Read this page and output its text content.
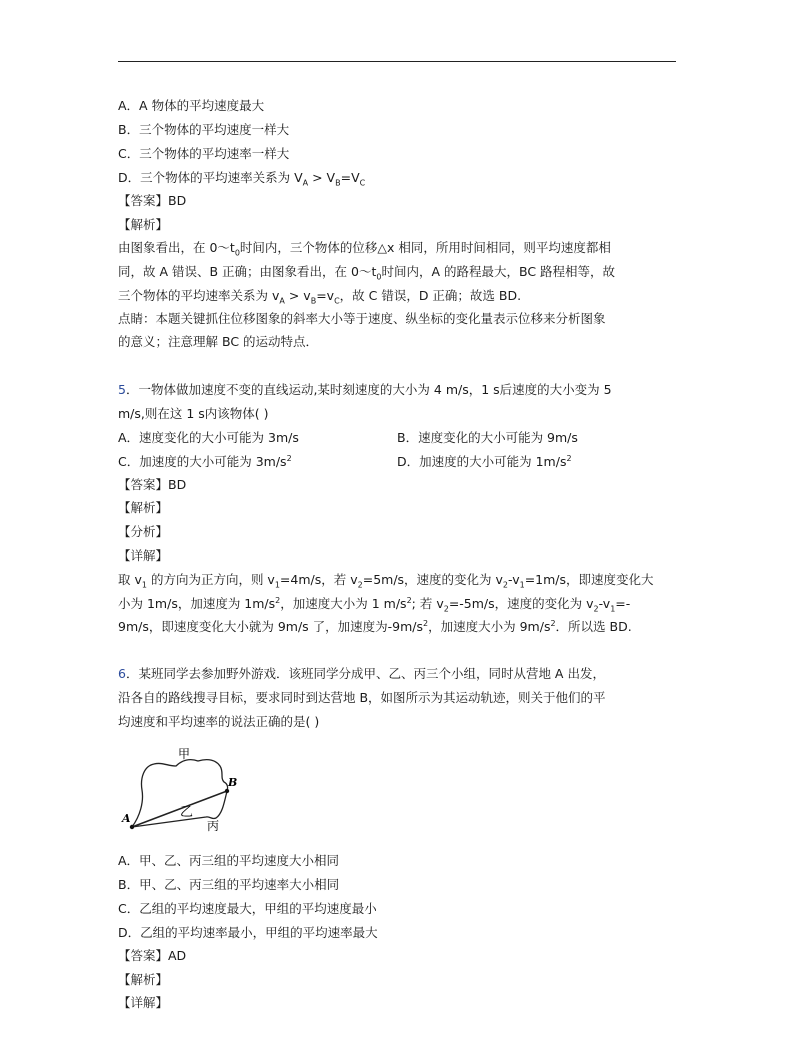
A．A 物体的平均速度最大
B．三个物体的平均速度一样大
C．三个物体的平均速率一样大
D．三个物体的平均速率关系为 $V_A > V_B=V_C$
【答案】BD
【解析】
由图象看出，在 $0\sim t_0$时间内，三个物体的位移△x 相同，所用时间相同，则平均速度都相
同，故 A 错误、B 正确；由图象看出，在 $0\sim t_0$时间内，A 的路程最大，BC 路程相等，故
三个物体的平均速率关系为 $v_A > v_B=v_C$，故 C 错误，D 正确；故选 BD.
点睛：本题关键抓住位移图象的斜率大小等于速度、纵坐标的变化量表示位移来分析图象
的意义；注意理解 BC 的运动特点．
5．一物体做加速度不变的直线运动,某时刻速度的大小为 4 m/s，1 s后速度的大小变为 5
m/s,则在这 1 s内该物体( )
A．速度变化的大小可能为 3m/s	B．速度变化的大小可能为 9m/s
C．加速度的大小可能为 $3m/s^2$	D．加速度的大小可能为 $1m/s^2$
【答案】BD
【解析】
【分析】
【详解】
取 $v_1$ 的方向为正方向，则 $v_1=4m/s$，若 $v_2=5m/s$，速度的变化为 $v_2-v_1=1m/s$，即速度变化大
小为 1m/s，加速度为 $1m/s^2$，加速度大小为 1 $m/s^2$; 若 $v_2=-5m/s$，速度的变化为 $v_2-v_1=-$
9m/s，即速度变化大小就为 9m/s 了，加速度为$-9m/s^2$，加速度大小为 $9m/s^2$．所以选 BD.
6．某班同学去参加野外游戏．该班同学分成甲、乙、丙三个小组，同时从营地 A 出发，
沿各自的路线搜寻目标，要求同时到达营地 B，如图所示为其运动轨迹，则关于他们的平
均速度和平均速率的说法正确的是( )
甲
乙
丙
A
B
A．甲、乙、丙三组的平均速度大小相同
B．甲、乙、丙三组的平均速率大小相同
C．乙组的平均速度最大，甲组的平均速度最小
D．乙组的平均速率最小，甲组的平均速率最大
【答案】AD
【解析】
【详解】
